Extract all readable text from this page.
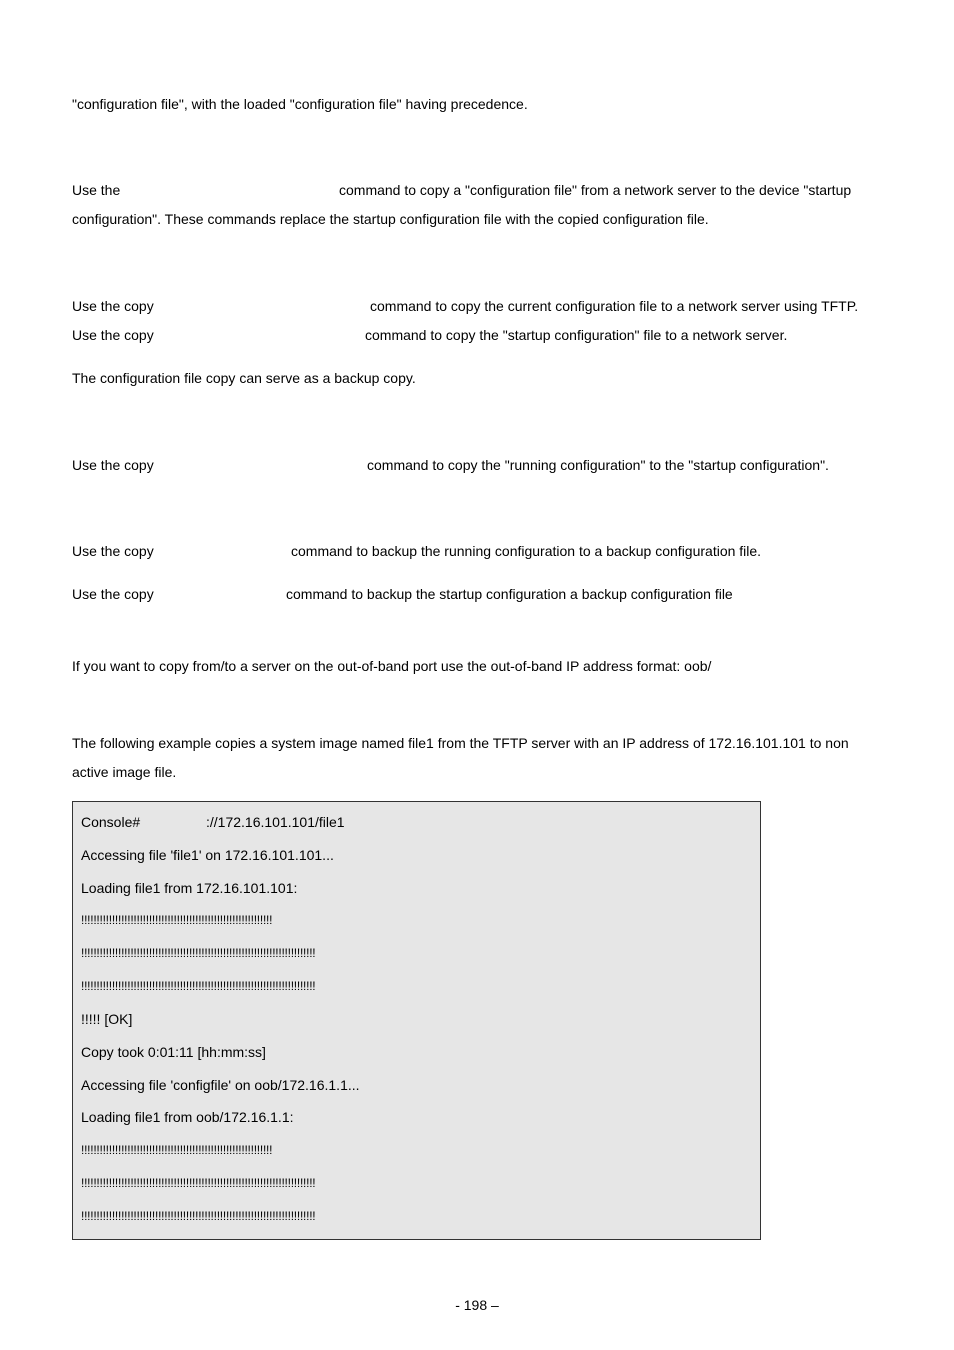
"configuration file", with the loaded "configuration file" having precedence.
Use the	command to copy a "configuration file" from a network server to the device "startup
configuration". These commands replace the startup configuration file with the copied configuration file.
Use the copy	command to copy the current configuration file to a network server using TFTP.
Use the copy	command to copy the "startup configuration" file to a network server.
The configuration file copy can serve as a backup copy.
Use the copy	command to copy the "running configuration" to the "startup configuration".
Use the copy	command to backup the running configuration to a backup configuration file.
Use the copy	command to backup the startup configuration a backup configuration file
If you want to copy from/to a server on the out-of-band port use the out-of-band IP address format: oob/
The following example copies a system image named file1 from the TFTP server with an IP address of 172.16.101.101 to non
active image file.
Console#	://172.16.101.101/file1
Accessing file 'file1' on 172.16.101.101...
Loading file1 from 172.16.101.101:
!!!!!!!!!!!!!!!!!!!!!!!!!!!!!!!!!!!!!!!!!!!!!!!!!!!!!!!!!!!!!!
!!!!!!!!!!!!!!!!!!!!!!!!!!!!!!!!!!!!!!!!!!!!!!!!!!!!!!!!!!!!!!!!!!!!!!!!!!!!
!!!!!!!!!!!!!!!!!!!!!!!!!!!!!!!!!!!!!!!!!!!!!!!!!!!!!!!!!!!!!!!!!!!!!!!!!!!!
!!!!! [OK]
Copy took 0:01:11 [hh:mm:ss]
Accessing file 'configfile' on oob/172.16.1.1...
Loading file1 from oob/172.16.1.1:
!!!!!!!!!!!!!!!!!!!!!!!!!!!!!!!!!!!!!!!!!!!!!!!!!!!!!!!!!!!!!!
!!!!!!!!!!!!!!!!!!!!!!!!!!!!!!!!!!!!!!!!!!!!!!!!!!!!!!!!!!!!!!!!!!!!!!!!!!!!
!!!!!!!!!!!!!!!!!!!!!!!!!!!!!!!!!!!!!!!!!!!!!!!!!!!!!!!!!!!!!!!!!!!!!!!!!!!!
- 198 –
